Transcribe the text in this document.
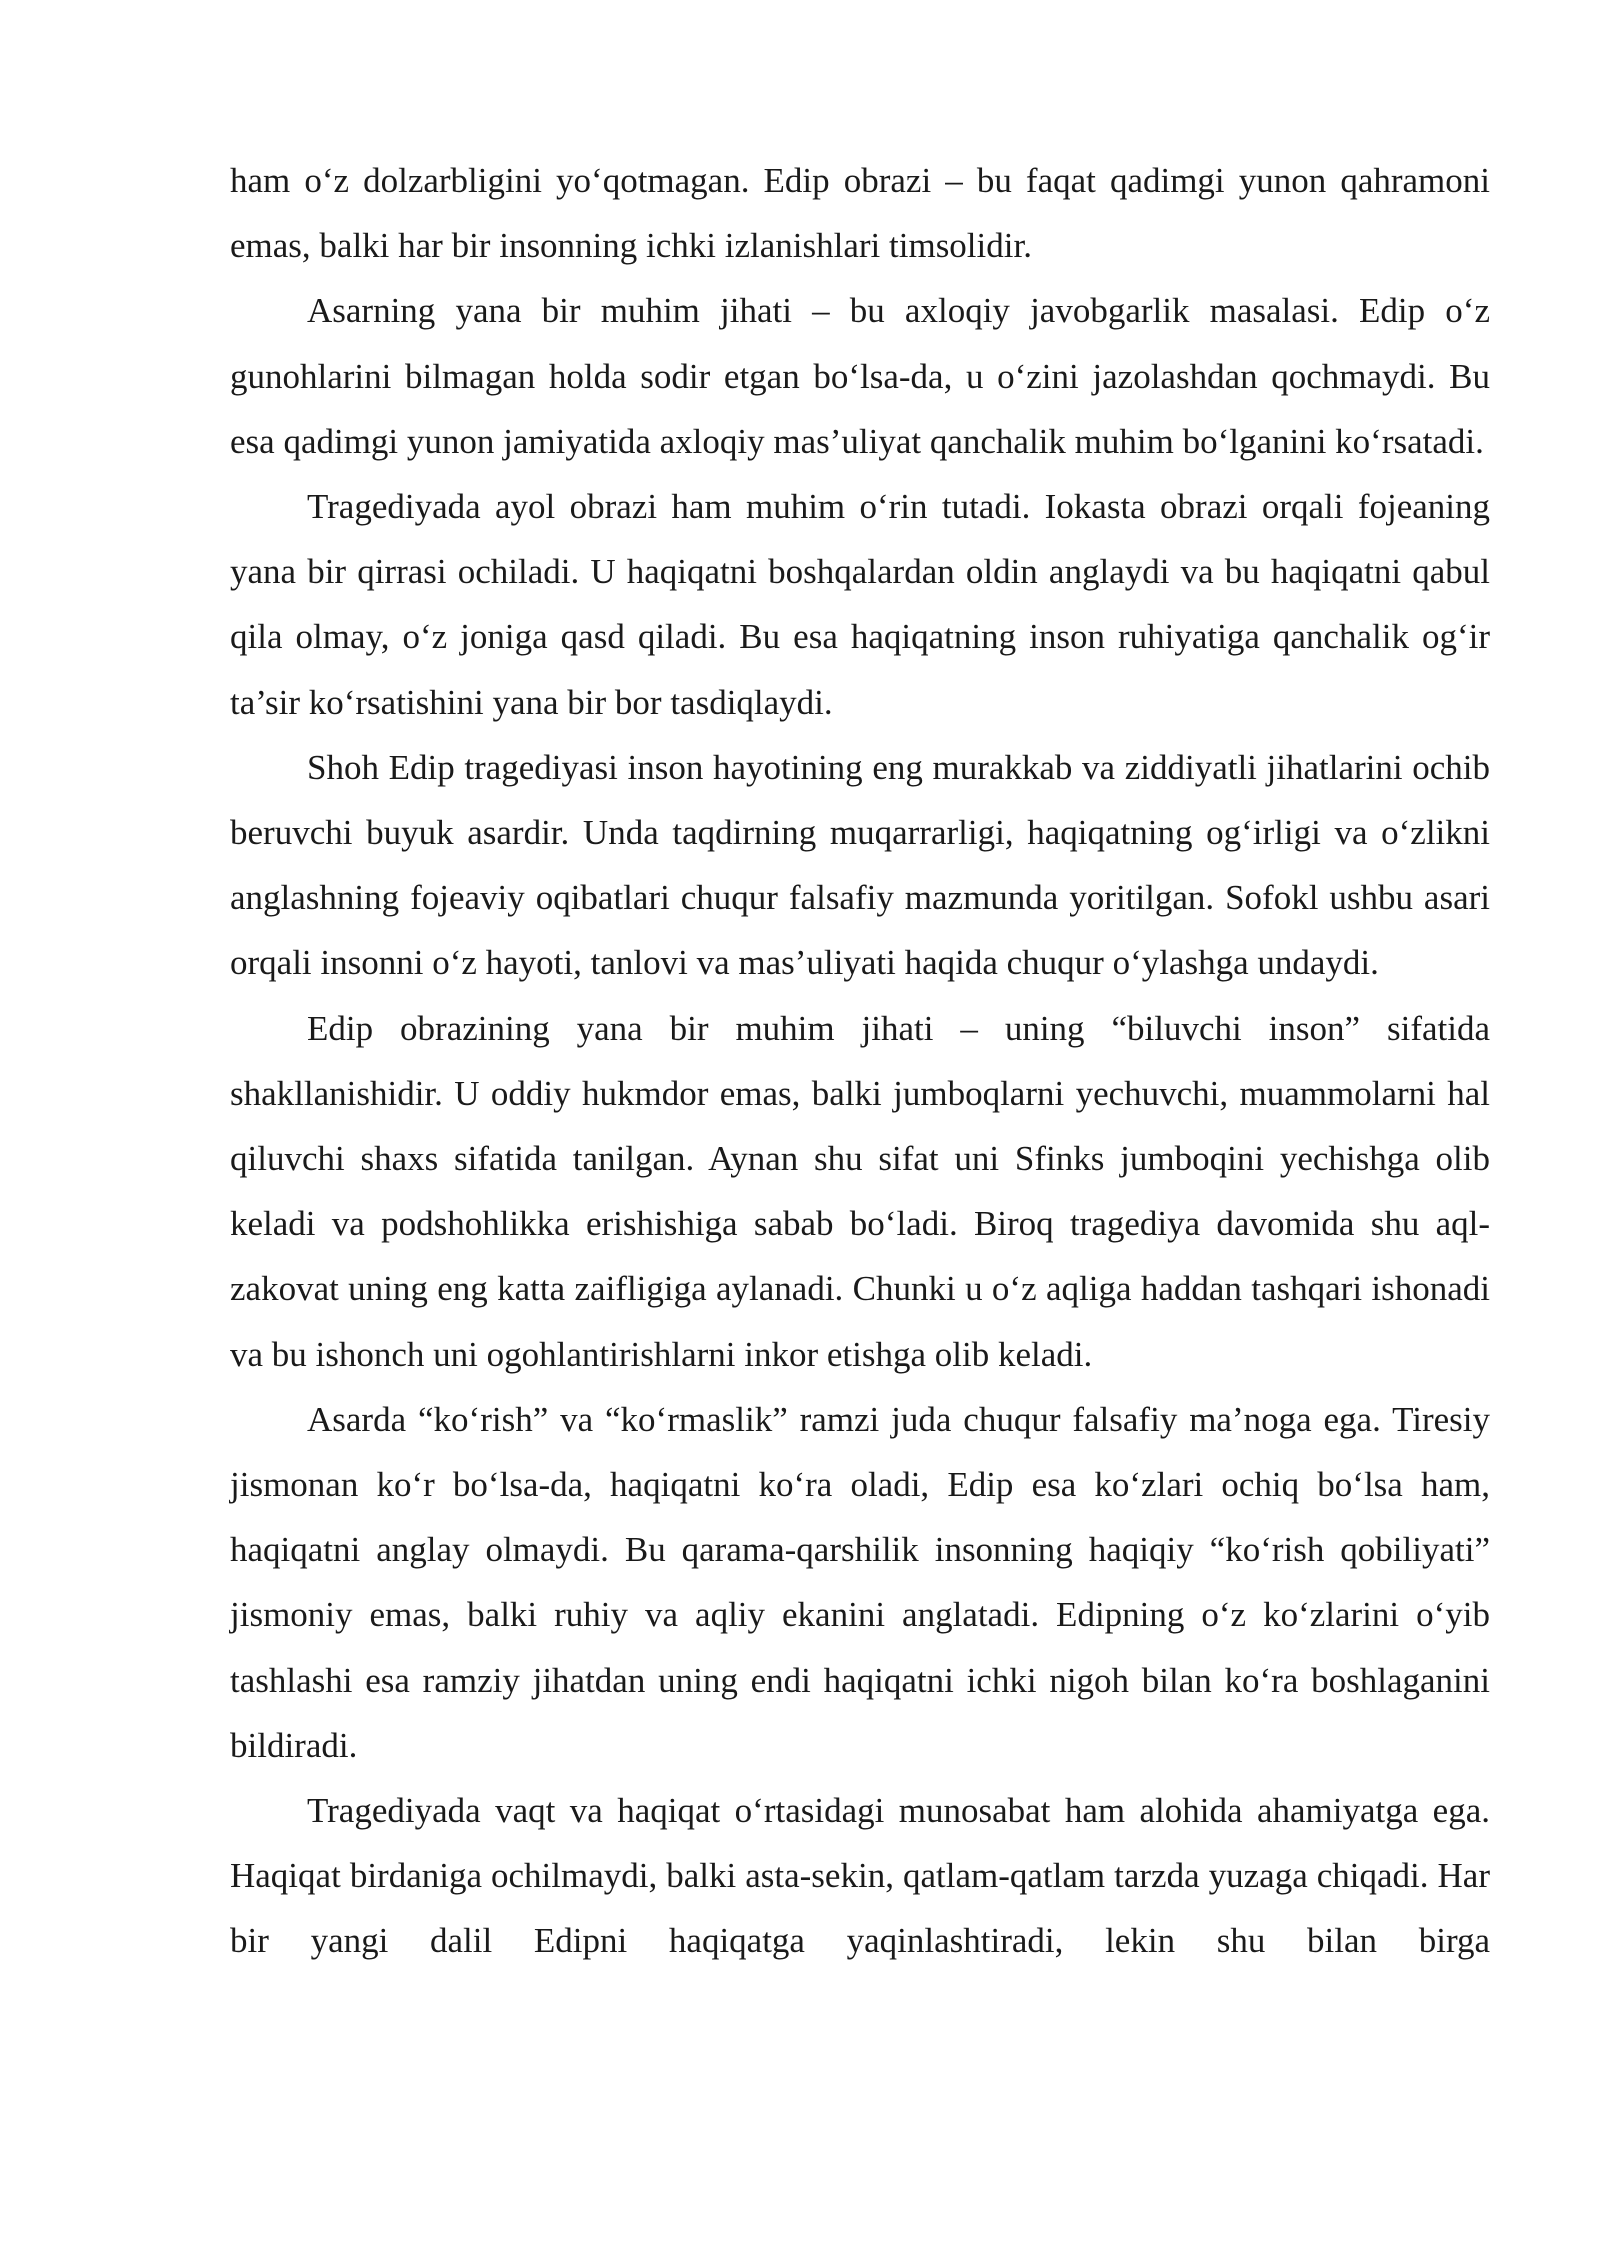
ham o‘z dolzarbligini yo‘qotmagan. Edip obrazi – bu faqat qadimgi yunon qahramoni emas, balki har bir insonning ichki izlanishlari timsolidir.

Asarning yana bir muhim jihati – bu axloqiy javobgarlik masalasi. Edip o‘z gunohlarini bilmagan holda sodir etgan bo‘lsa-da, u o‘zini jazolashdan qochmaydi. Bu esa qadimgi yunon jamiyatida axloqiy mas’uliyat qanchalik muhim bo‘lganini ko‘rsatadi.

Tragediyada ayol obrazi ham muhim o‘rin tutadi. Iokasta obrazi orqali fojeaning yana bir qirrasi ochiladi. U haqiqatni boshqalardan oldin anglaydi va bu haqiqatni qabul qila olmay, o‘z joniga qasd qiladi. Bu esa haqiqatning inson ruhiyatiga qanchalik og‘ir ta’sir ko‘rsatishini yana bir bor tasdiqlaydi.

Shoh Edip tragediyasi inson hayotining eng murakkab va ziddiyatli jihatlarini ochib beruvchi buyuk asardir. Unda taqdirning muqarrarligi, haqiqatning og‘irligi va o‘zlikni anglashning fojeaviy oqibatlari chuqur falsafiy mazmunda yoritilgan. Sofokl ushbu asari orqali insonni o‘z hayoti, tanlovi va mas’uliyati haqida chuqur o‘ylashga undaydi.

Edip obrazining yana bir muhim jihati – uning “biluvchi inson” sifatida shakllanishidir. U oddiy hukmdor emas, balki jumboqlarni yechuvchi, muammolarni hal qiluvchi shaxs sifatida tanilgan. Aynan shu sifat uni Sfinks jumboqini yechishga olib keladi va podshohlikka erishishiga sabab bo‘ladi. Biroq tragediya davomida shu aql-zakovat uning eng katta zaifligiga aylanadi. Chunki u o‘z aqliga haddan tashqari ishonadi va bu ishonch uni ogohlantirishlarni inkor etishga olib keladi.

Asarda “ko‘rish” va “ko‘rmaslik” ramzi juda chuqur falsafiy ma’noga ega. Tiresiy jismonan ko‘r bo‘lsa-da, haqiqatni ko‘ra oladi, Edip esa ko‘zlari ochiq bo‘lsa ham, haqiqatni anglay olmaydi. Bu qarama-qarshilik insonning haqiqiy “ko‘rish qobiliyati” jismoniy emas, balki ruhiy va aqliy ekanini anglatadi. Edipning o‘z ko‘zlarini o‘yib tashlashi esa ramziy jihatdan uning endi haqiqatni ichki nigoh bilan ko‘ra boshlaganini bildiradi.

Tragediyada vaqt va haqiqat o‘rtasidagi munosabat ham alohida ahamiyatga ega. Haqiqat birdaniga ochilmaydi, balki asta-sekin, qatlam-qatlam tarzda yuzaga chiqadi. Har bir yangi dalil Edipni haqiqatga yaqinlashtiradi, lekin shu bilan birga
